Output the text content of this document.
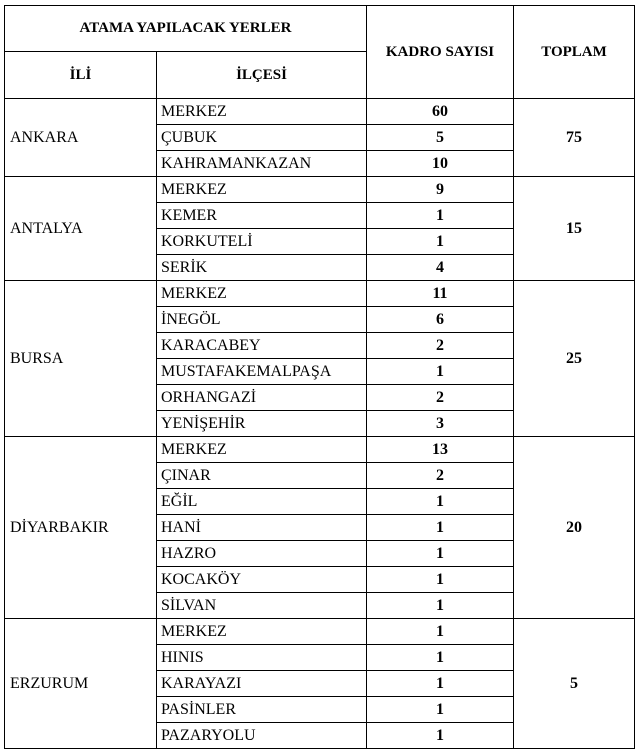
ATAMA YAPILACAK YERLER		KADRO SAYISI	TOPLAM
İLİ	İLÇESİ		
ANKARA	MERKEZ	60	75
	ÇUBUK	5	
	KAHRAMANKAZAN	10	
ANTALYA	MERKEZ	9	15
	KEMER	1	
	KORKUTELİ	1	
	SERİK	4	
BURSA	MERKEZ	11	25
	İNEGÖL	6	
	KARACABEY	2	
	MUSTAFAKEMALPAŞA	1	
	ORHANGAZİ	2	
	YENİŞEHİR	3	
DİYARBAKIR	MERKEZ	13	20
	ÇINAR	2	
	EĞİL	1	
	HANİ	1	
	HAZRO	1	
	KOCAKÖY	1	
	SİLVAN	1	
ERZURUM	MERKEZ	1	5
	HINIS	1	
	KARAYAZI	1	
	PASİNLER	1	
	PAZARYOLU	1	
